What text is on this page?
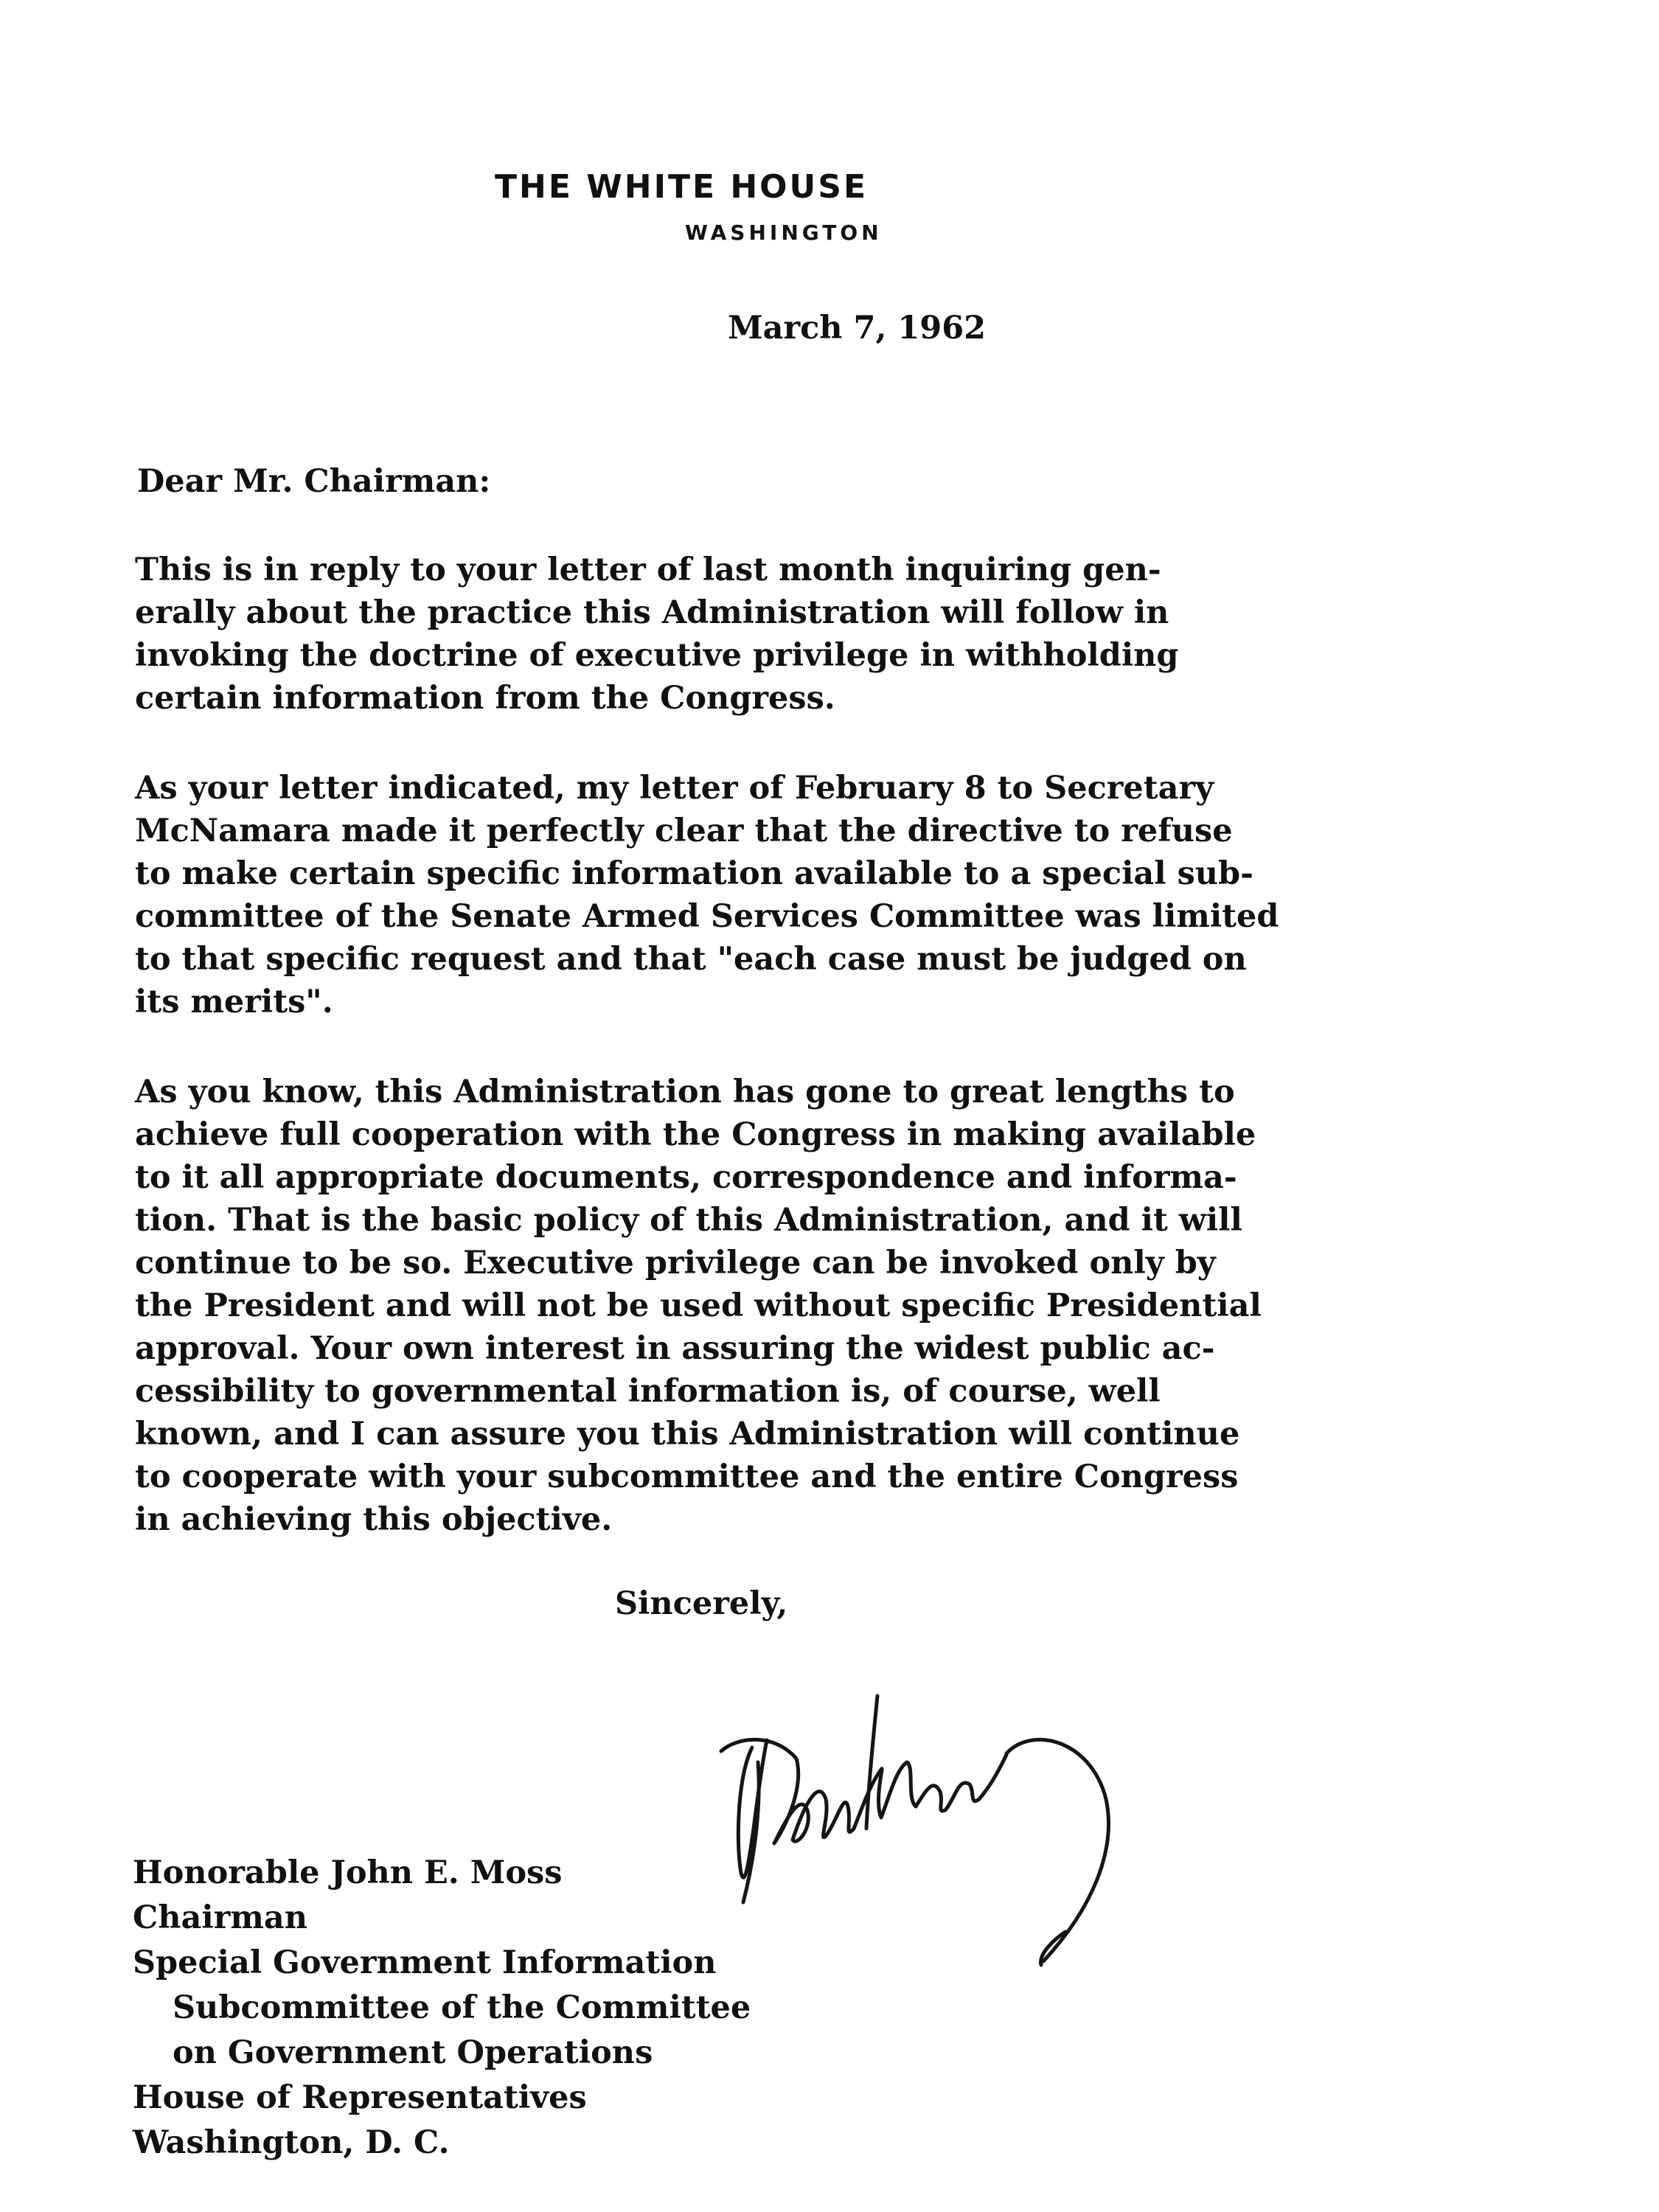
THE WHITE HOUSE
WASHINGTON
March 7, 1962
Dear Mr. Chairman:
This is in reply to your letter of last month inquiring gen-
erally about the practice this Administration will follow in
invoking the doctrine of executive privilege in withholding
certain information from the Congress.
As your letter indicated, my letter of February 8 to Secretary
McNamara made it perfectly clear that the directive to refuse
to make certain specific information available to a special sub-
committee of the Senate Armed Services Committee was limited
to that specific request and that "each case must be judged on
its merits".
As you know, this Administration has gone to great lengths to
achieve full cooperation with the Congress in making available
to it all appropriate documents, correspondence and informa-
tion. That is the basic policy of this Administration, and it will
continue to be so. Executive privilege can be invoked only by
the President and will not be used without specific Presidential
approval. Your own interest in assuring the widest public ac-
cessibility to governmental information is, of course, well
known, and I can assure you this Administration will continue
to cooperate with your subcommittee and the entire Congress
in achieving this objective.
Sincerely,
Honorable John E. Moss
Chairman
Special Government Information
Subcommittee of the Committee
on Government Operations
House of Representatives
Washington, D. C.
